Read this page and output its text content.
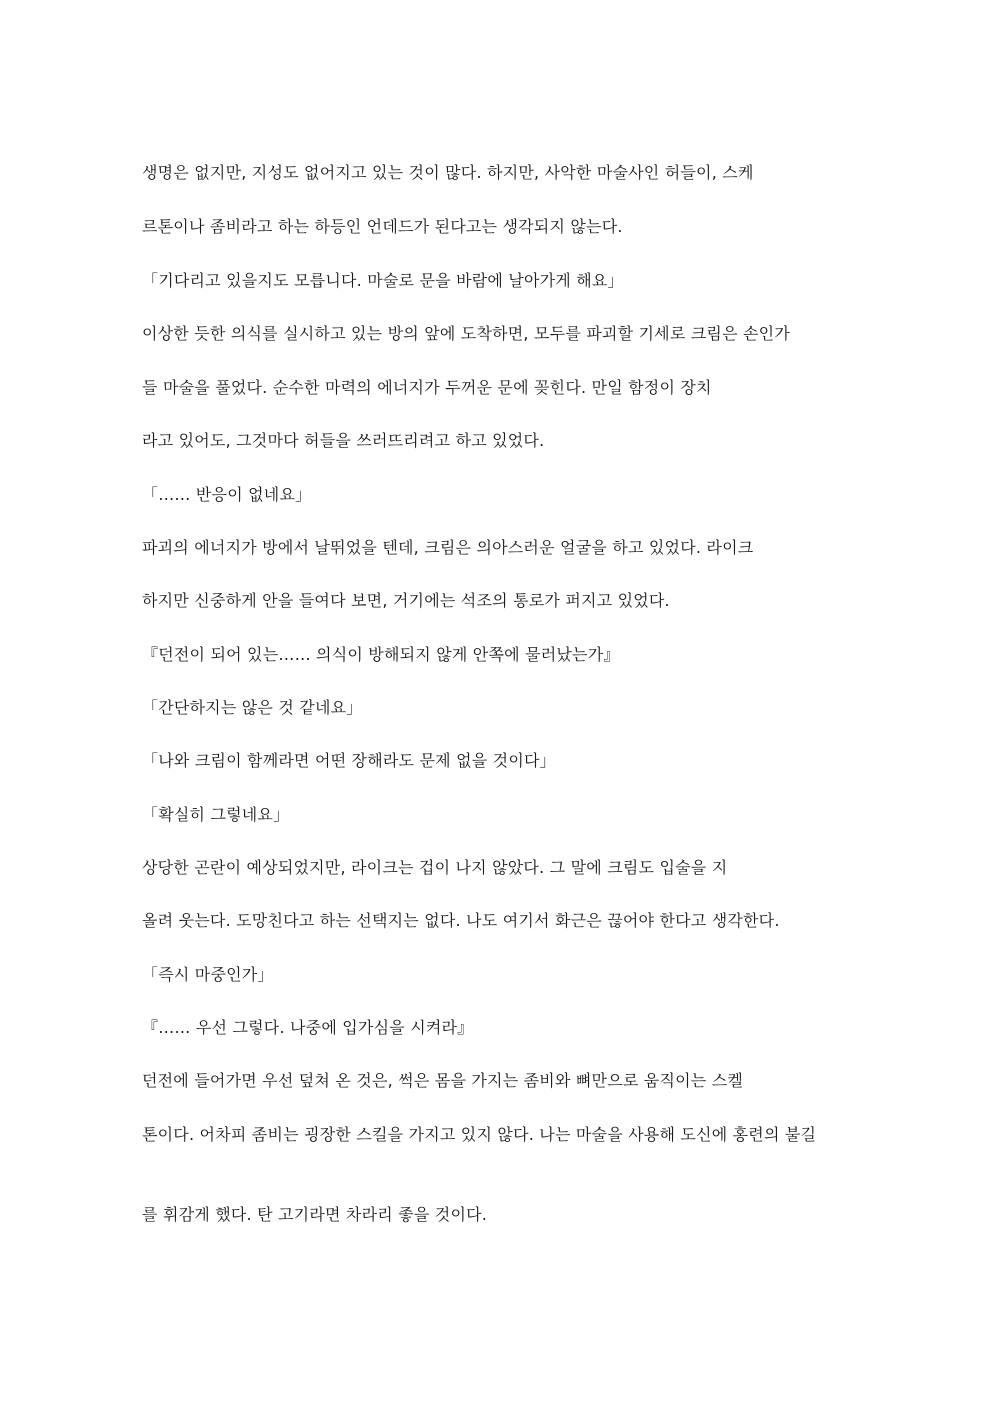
생명은 없지만, 지성도 없어지고 있는 것이 많다. 하지만, 사악한 마술사인 허들이, 스케
르톤이나 좀비라고 하는 하등인 언데드가 된다고는 생각되지 않는다.
「기다리고 있을지도 모릅니다. 마술로 문을 바람에 날아가게 해요」
이상한 듯한 의식를 실시하고 있는 방의 앞에 도착하면, 모두를 파괴할 기세로 크림은 손인가
들 마술을 풀었다. 순수한 마력의 에너지가 두꺼운 문에 꽂힌다. 만일 함정이 장치
라고 있어도, 그것마다 허들을 쓰러뜨리려고 하고 있었다.
「…… 반응이 없네요」
파괴의 에너지가 방에서 날뛰었을 텐데, 크림은 의아스러운 얼굴을 하고 있었다. 라이크
하지만 신중하게 안을 들여다 보면, 거기에는 석조의 통로가 퍼지고 있었다.
『던전이 되어 있는…… 의식이 방해되지 않게 안쪽에 물러났는가』
「간단하지는 않은 것 같네요」
「나와 크림이 함께라면 어떤 장해라도 문제 없을 것이다」
「확실히 그렇네요」
상당한 곤란이 예상되었지만, 라이크는 겁이 나지 않았다. 그 말에 크림도 입술을 지
올려 웃는다. 도망친다고 하는 선택지는 없다. 나도 여기서 화근은 끊어야 한다고 생각한다.
「즉시 마중인가」
『…… 우선 그렇다. 나중에 입가심을 시켜라』
던전에 들어가면 우선 덮쳐 온 것은, 썩은 몸을 가지는 좀비와 뼈만으로 움직이는 스켈
톤이다. 어차피 좀비는 굉장한 스킬을 가지고 있지 않다. 나는 마술을 사용해 도신에 홍련의 불길
를 휘감게 했다. 탄 고기라면 차라리 좋을 것이다.
